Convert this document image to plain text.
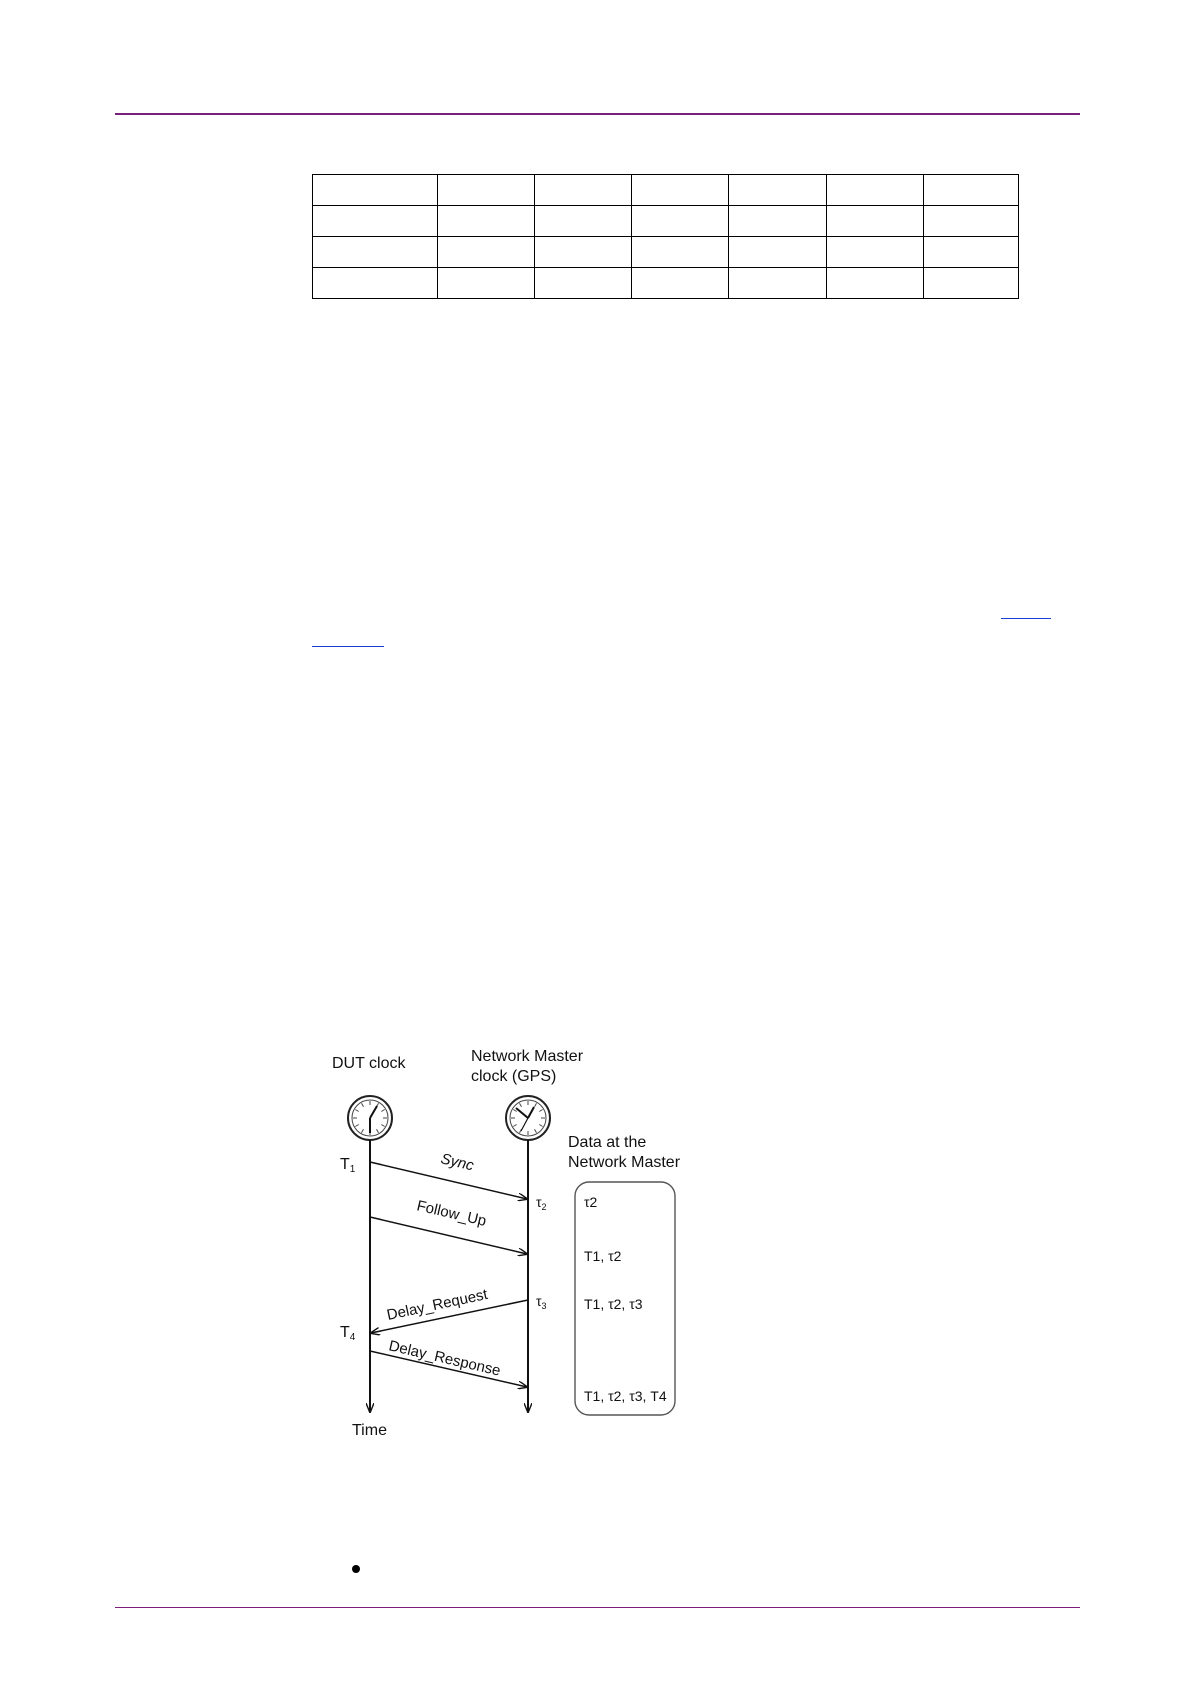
DUT clock	Network Master
clock (GPS)
T1
T4
$\tau_2$
$\tau_3$
Sync
Follow_Up
Delay_Request
Delay_Response
Time
Data at the
Network Master
τ2
T1, τ2
T1, τ2, τ3
T1, τ2, τ3, T4
